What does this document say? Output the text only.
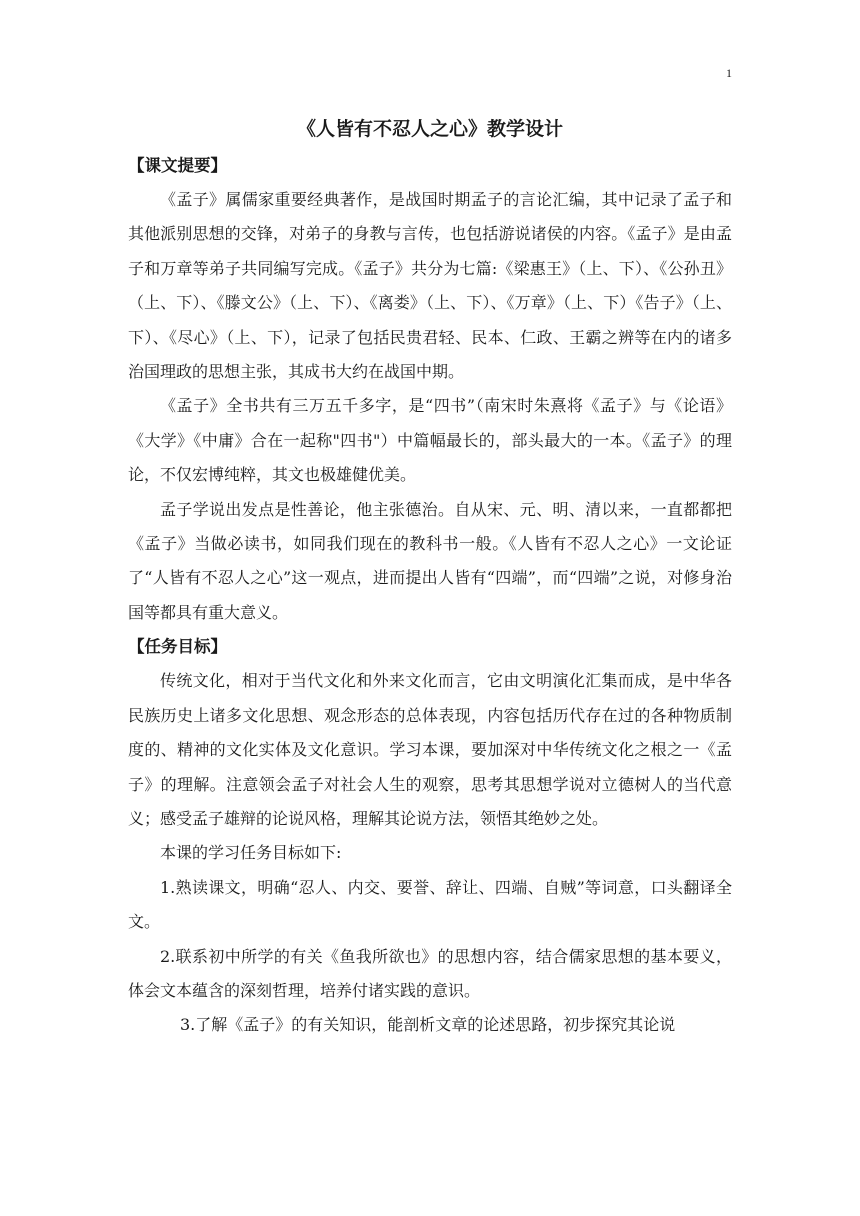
1
《人皆有不忍人之心》教学设计
【课文提要】

《孟子》属儒家重要经典著作，是战国时期孟子的言论汇编，其中记录了孟子和其他派别思想的交锋，对弟子的身教与言传，也包括游说诸侯的内容。《孟子》是由孟子和万章等弟子共同编写完成。《孟子》共分为七篇:《梁惠王》（上、下）、《公孙丑》（上、下）、《滕文公》（上、下）、《离娄》（上、下）、《万章》（上、下）《告子》（上、下）、《尽心》（上、下），记录了包括民贵君轻、民本、仁政、王霸之辨等在内的诸多治国理政的思想主张，其成书大约在战国中期。

《孟子》全书共有三万五千多字，是“四书”（南宋时朱熹将《孟子》与《论语》《大学》《中庸》合在一起称"四书"）中篇幅最长的，部头最大的一本。《孟子》的理论，不仅宏博纯粹，其文也极雄健优美。

孟子学说出发点是性善论，他主张德治。自从宋、元、明、清以来，一直都都把《孟子》当做必读书，如同我们现在的教科书一般。《人皆有不忍人之心》一文论证了“人皆有不忍人之心”这一观点，进而提出人皆有“四端”，而“四端”之说，对修身治国等都具有重大意义。

【任务目标】

传统文化，相对于当代文化和外来文化而言，它由文明演化汇集而成，是中华各民族历史上诸多文化思想、观念形态的总体表现，内容包括历代存在过的各种物质制度的、精神的文化实体及文化意识。学习本课，要加深对中华传统文化之根之一《孟子》的理解。注意领会孟子对社会人生的观察，思考其思想学说对立德树人的当代意义；感受孟子雄辩的论说风格，理解其论说方法，领悟其绝妙之处。

本课的学习任务目标如下:

1.熟读课文，明确“忍人、内交、要誉、辞让、四端、自贼”等词意，口头翻译全文。

2.联系初中所学的有关《鱼我所欲也》的思想内容，结合儒家思想的基本要义，体会文本蕴含的深刻哲理，培养付诸实践的意识。

3.了解《孟子》的有关知识，能剖析文章的论述思路，初步探究其论说
